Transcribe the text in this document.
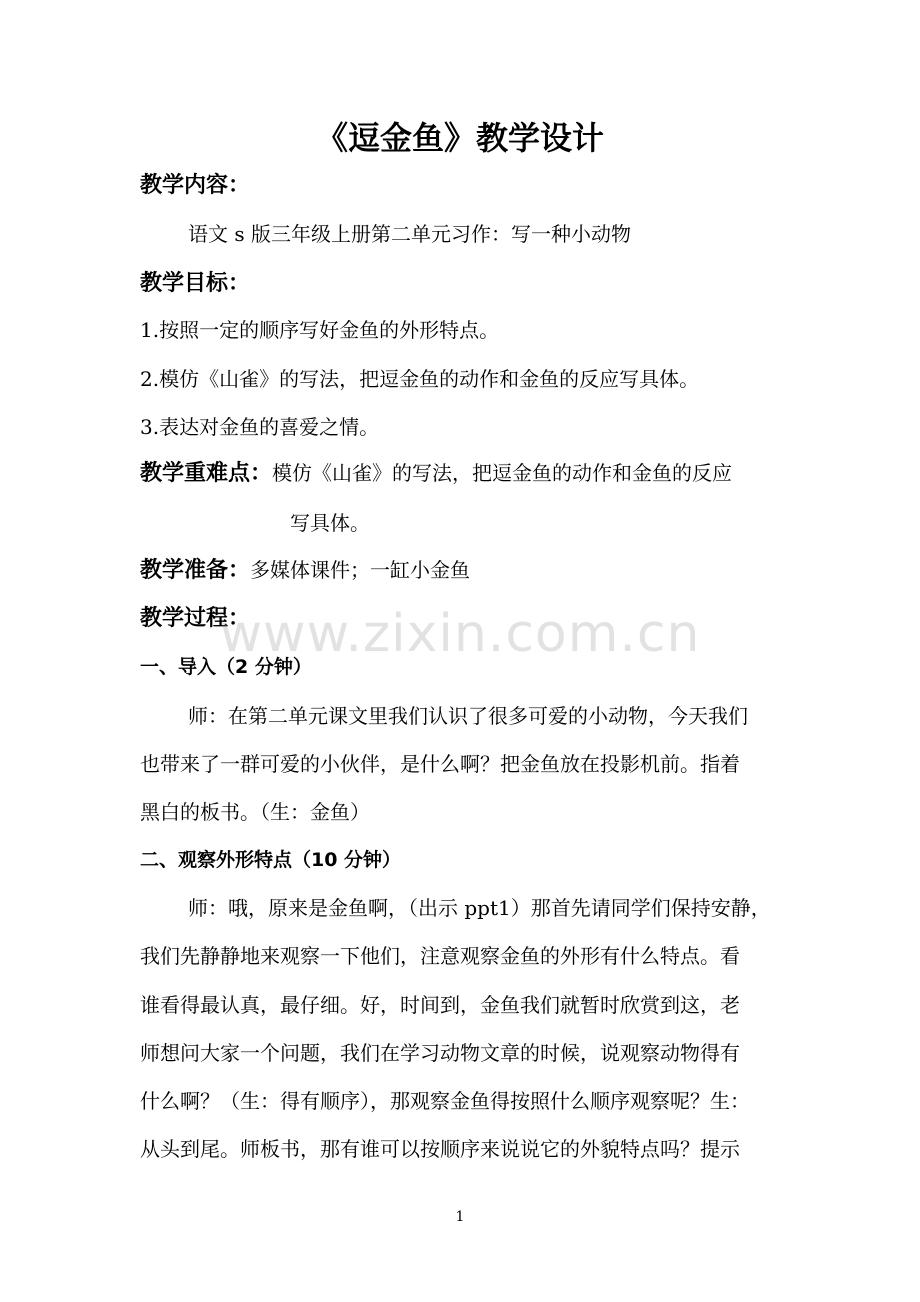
《逗金鱼》教学设计
教学内容：
语文 s 版三年级上册第二单元习作：写一种小动物
教学目标：
1.按照一定的顺序写好金鱼的外形特点。
2.模仿《山雀》的写法，把逗金鱼的动作和金鱼的反应写具体。
3.表达对金鱼的喜爱之情。
教学重难点：模仿《山雀》的写法，把逗金鱼的动作和金鱼的反应
写具体。
教学准备：多媒体课件；一缸小金鱼
教学过程：
一、导入（2 分钟）
师：在第二单元课文里我们认识了很多可爱的小动物，今天我们
也带来了一群可爱的小伙伴，是什么啊？把金鱼放在投影机前。指着
黑白的板书。（生：金鱼）
二、观察外形特点（10 分钟）
师：哦，原来是金鱼啊，（出示 ppt1）那首先请同学们保持安静，
我们先静静地来观察一下他们，注意观察金鱼的外形有什么特点。看
谁看得最认真，最仔细。好，时间到，金鱼我们就暂时欣赏到这，老
师想问大家一个问题，我们在学习动物文章的时候，说观察动物得有
什么啊？（生：得有顺序），那观察金鱼得按照什么顺序观察呢？生：
从头到尾。师板书，那有谁可以按顺序来说说它的外貌特点吗？提示
www.zixin.com.cn
1
